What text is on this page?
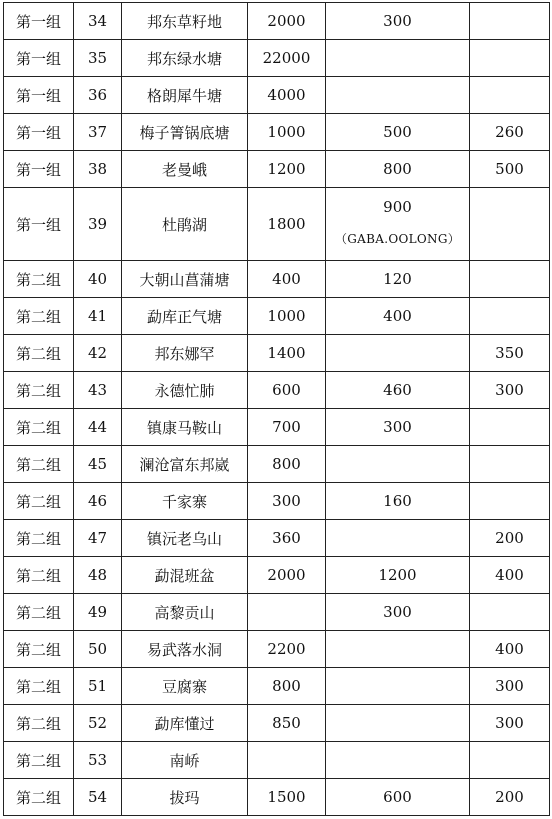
第一组	34	邦东草籽地	2000	300	
第一组	35	邦东绿水塘	22000		
第一组	36	格朗犀牛塘	4000		
第一组	37	梅子箐锅底塘	1000	500	260
第一组	38	老曼峨	1200	800	500
第一组	39	杜鹃湖	1800	900
（GABA.OOLONG）	

第二组	40	大朝山菖蒲塘	400	120	
第二组	41	勐库正气塘	1000	400	
第二组	42	邦东娜罕	1400		350
第二组	43	永德忙肺	600	460	300
第二组	44	镇康马鞍山	700	300	
第二组	45	澜沧富东邦崴	800		
第二组	46	千家寨	300	160	
第二组	47	镇沅老乌山	360		200
第二组	48	勐混班盆	2000	1200	400
第二组	49	高黎贡山		300	
第二组	50	易武落水洞	2200		400
第二组	51	豆腐寨	800		300
第二组	52	勐库懂过	850		300
第二组	53	南峤			
第二组	54	拔玛	1500	600	200
